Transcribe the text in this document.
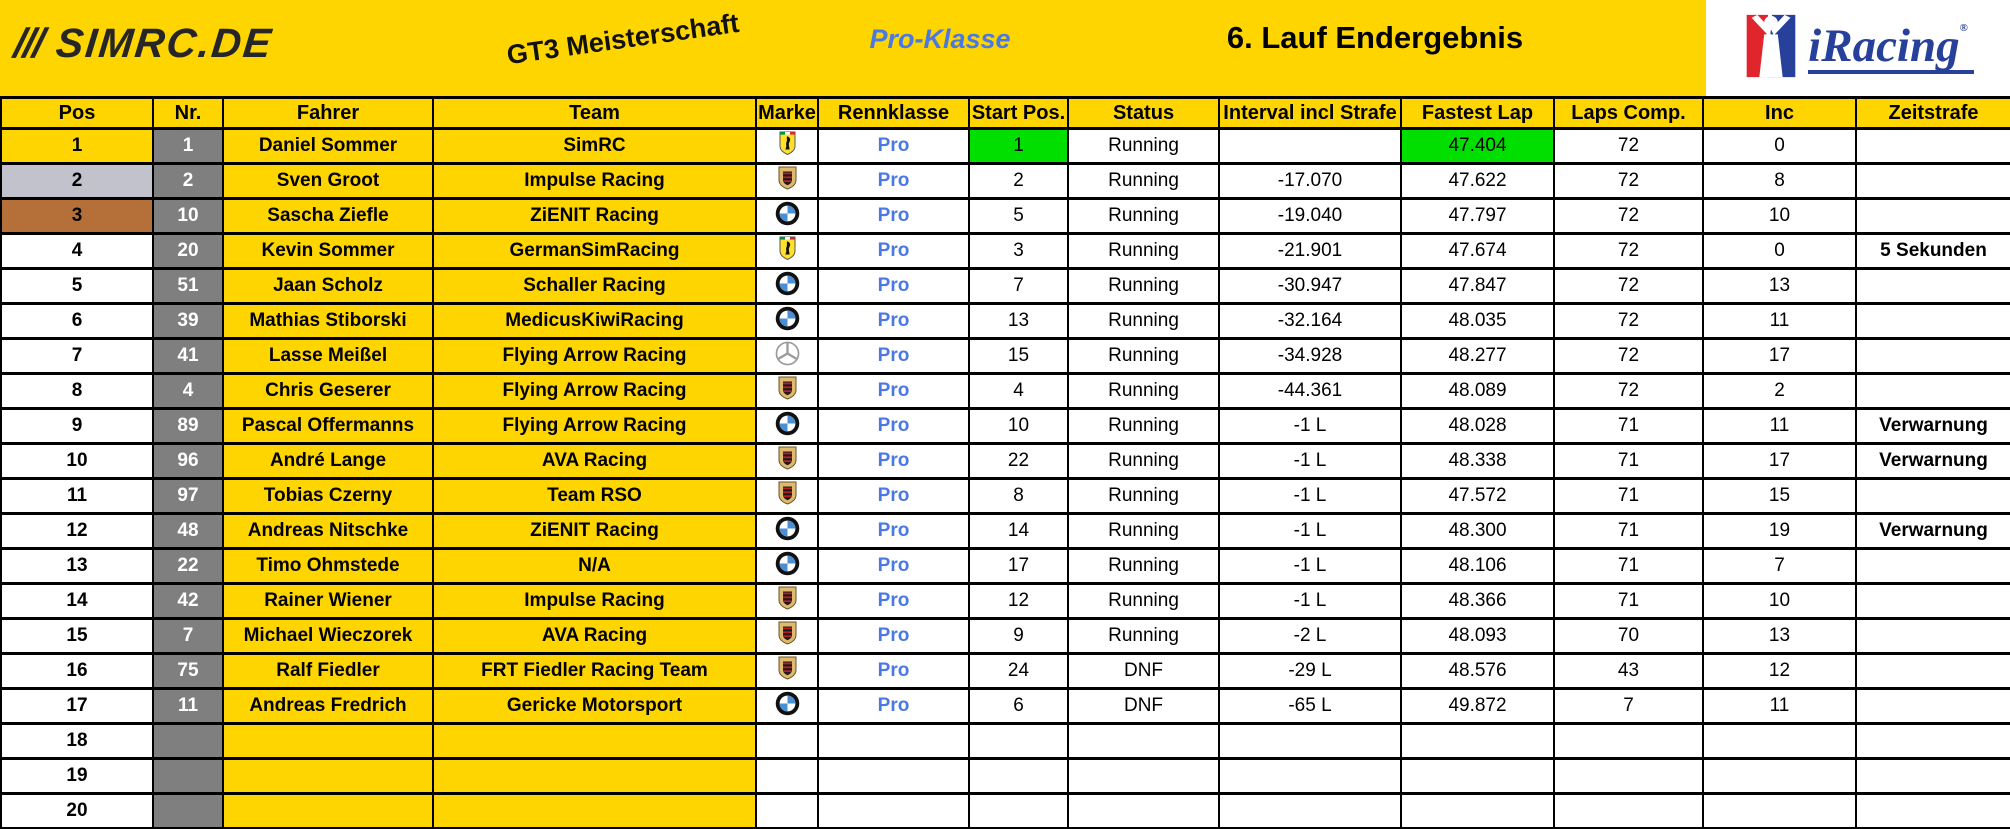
/// SIMRC.DE	GT3 Meisterschaft	Pro-Klasse	6. Lauf Endergebnis	iRacing®
Pos	Nr.	Fahrer	Team	Marke	Rennklasse	Start Pos.	Status	Interval incl Strafe	Fastest Lap	Laps Comp.	Inc	Zeitstrafe
1	1	Daniel Sommer	SimRC		Pro	1	Running		47.404	72	0	
2	2	Sven Groot	Impulse Racing		Pro	2	Running	-17.070	47.622	72	8	
3	10	Sascha Ziefle	ZiENIT Racing		Pro	5	Running	-19.040	47.797	72	10	
4	20	Kevin Sommer	GermanSimRacing		Pro	3	Running	-21.901	47.674	72	0	5 Sekunden
5	51	Jaan Scholz	Schaller Racing		Pro	7	Running	-30.947	47.847	72	13	
6	39	Mathias Stiborski	MedicusKiwiRacing		Pro	13	Running	-32.164	48.035	72	11	
7	41	Lasse Meißel	Flying Arrow Racing		Pro	15	Running	-34.928	48.277	72	17	
8	4	Chris Geserer	Flying Arrow Racing		Pro	4	Running	-44.361	48.089	72	2	
9	89	Pascal Offermanns	Flying Arrow Racing		Pro	10	Running	-1 L	48.028	71	11	Verwarnung
10	96	André Lange	AVA Racing		Pro	22	Running	-1 L	48.338	71	17	Verwarnung
11	97	Tobias Czerny	Team RSO		Pro	8	Running	-1 L	47.572	71	15	
12	48	Andreas Nitschke	ZiENIT Racing		Pro	14	Running	-1 L	48.300	71	19	Verwarnung
13	22	Timo Ohmstede	N/A		Pro	17	Running	-1 L	48.106	71	7	
14	42	Rainer Wiener	Impulse Racing		Pro	12	Running	-1 L	48.366	71	10	
15	7	Michael Wieczorek	AVA Racing		Pro	9	Running	-2 L	48.093	70	13	
16	75	Ralf Fiedler	FRT Fiedler Racing Team		Pro	24	DNF	-29 L	48.576	43	12	
17	11	Andreas Fredrich	Gericke Motorsport		Pro	6	DNF	-65 L	49.872	7	11	
18												
19												
20												
